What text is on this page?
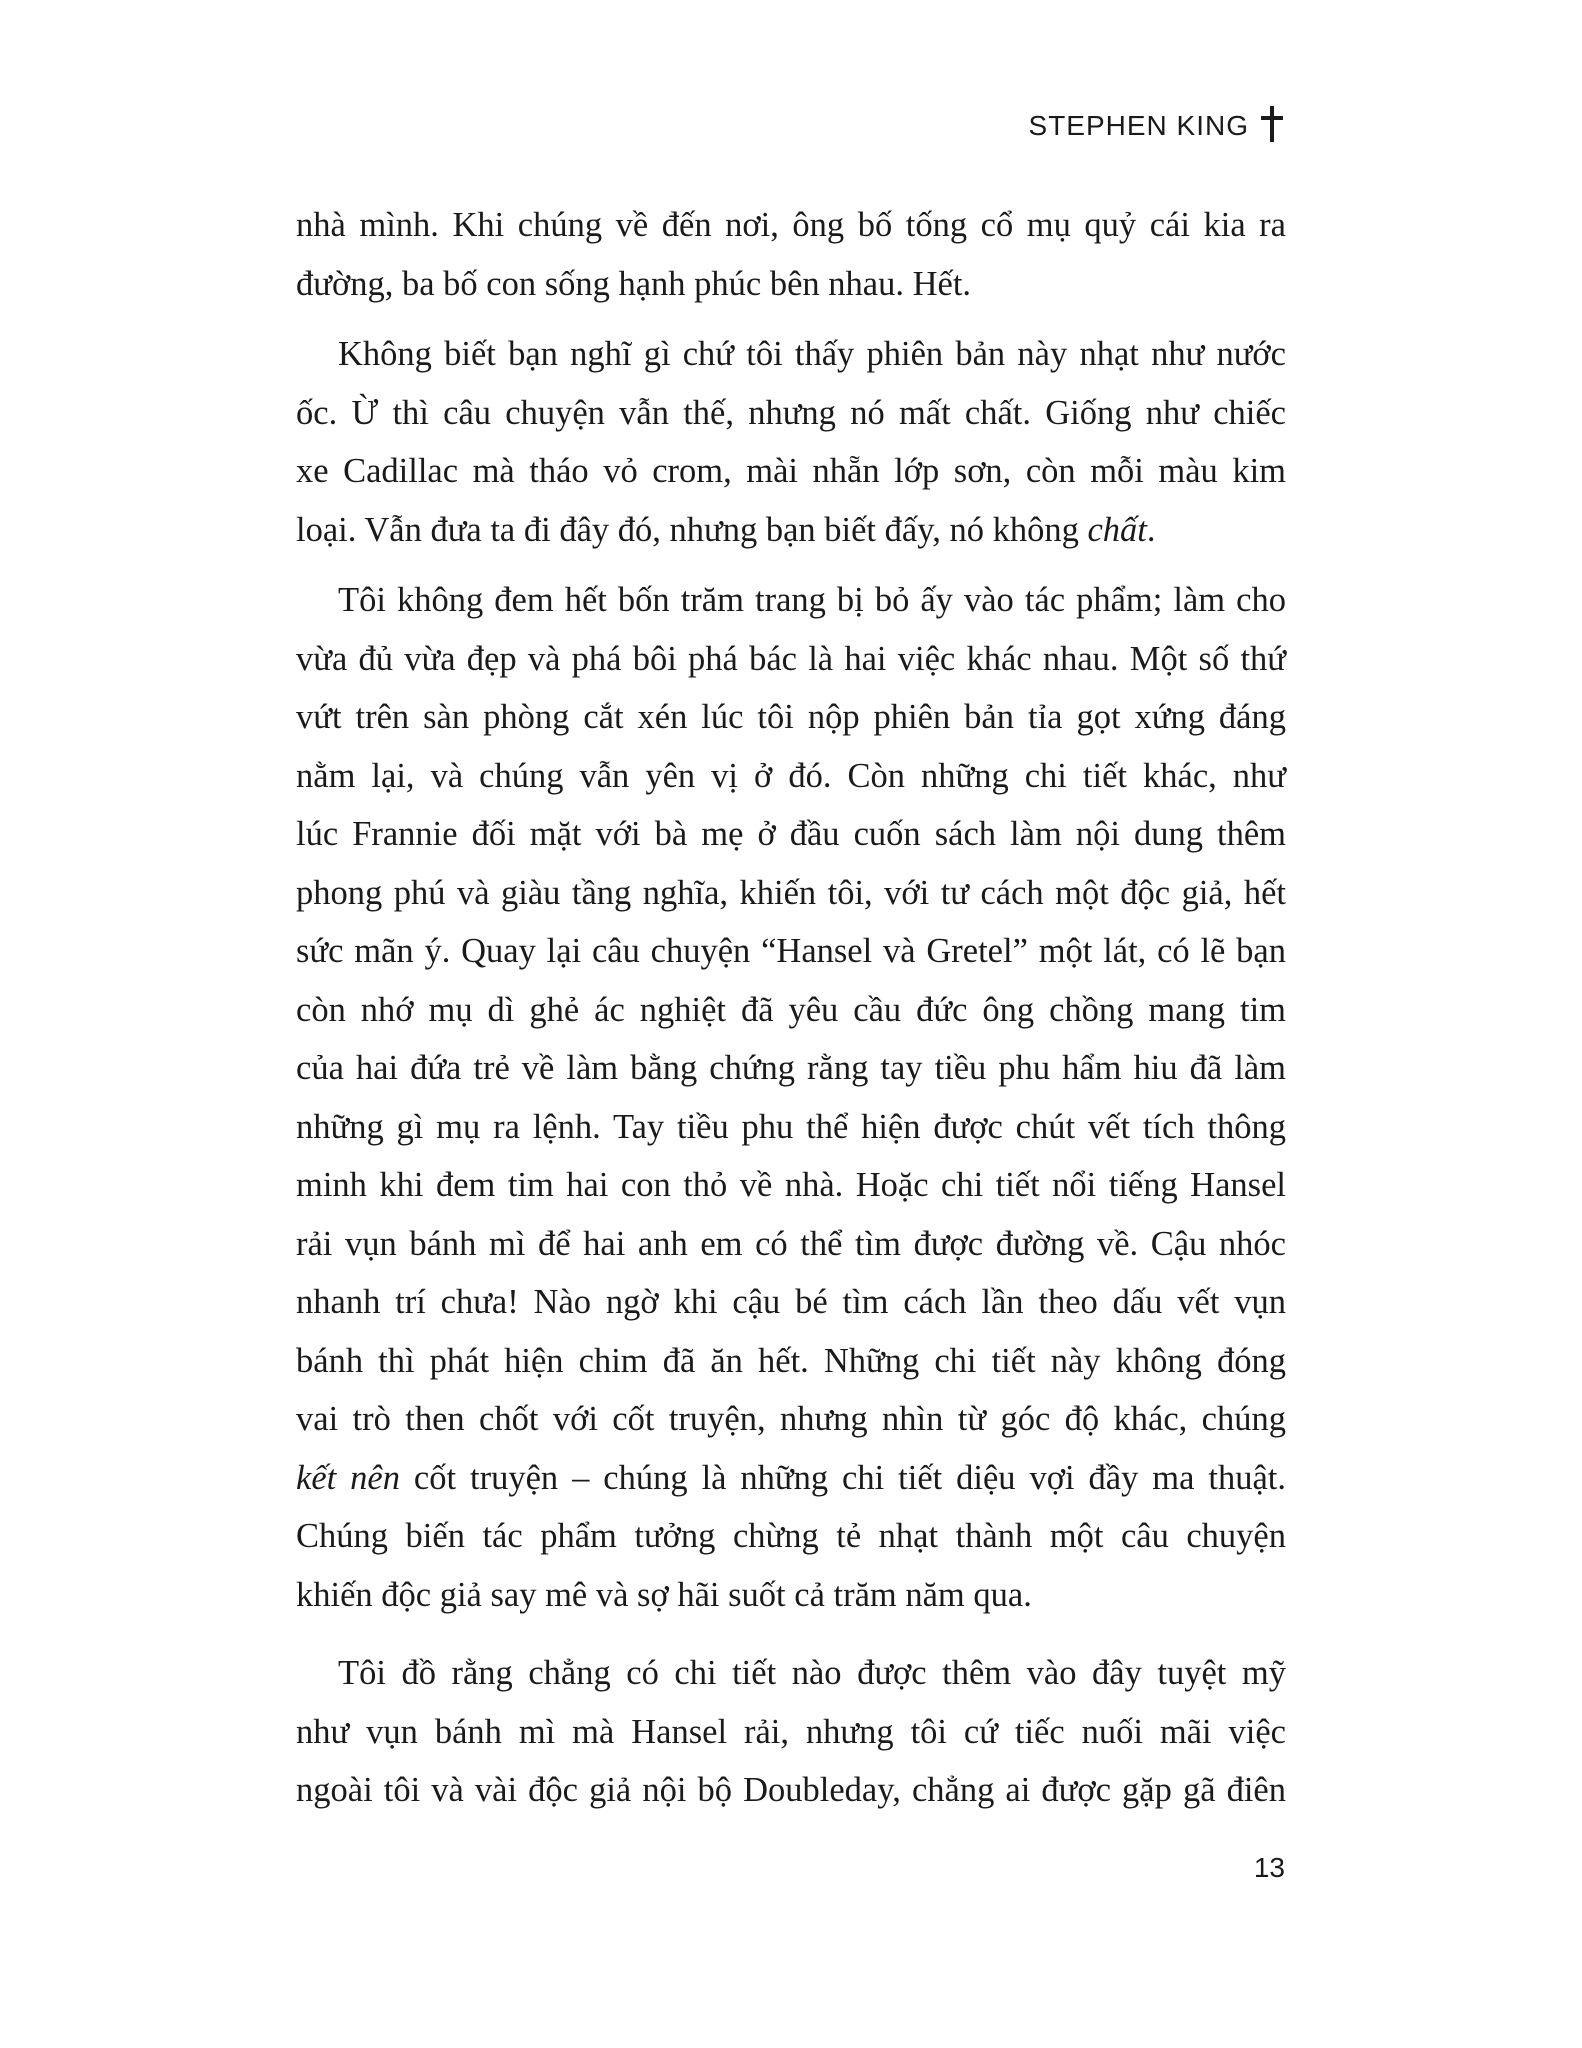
STEPHEN KING

nhà mình. Khi chúng về đến nơi, ông bố tống cổ mụ quỷ cái kia ra

đường, ba bố con sống hạnh phúc bên nhau. Hết.

Không biết bạn nghĩ gì chứ tôi thấy phiên bản này nhạt như nước

ốc. Ừ thì câu chuyện vẫn thế, nhưng nó mất chất. Giống như chiếc

xe Cadillac mà tháo vỏ crom, mài nhẵn lớp sơn, còn mỗi màu kim

loại. Vẫn đưa ta đi đây đó, nhưng bạn biết đấy, nó không chất.

Tôi không đem hết bốn trăm trang bị bỏ ấy vào tác phẩm; làm cho

vừa đủ vừa đẹp và phá bôi phá bác là hai việc khác nhau. Một số thứ

vứt trên sàn phòng cắt xén lúc tôi nộp phiên bản tỉa gọt xứng đáng

nằm lại, và chúng vẫn yên vị ở đó. Còn những chi tiết khác, như

lúc Frannie đối mặt với bà mẹ ở đầu cuốn sách làm nội dung thêm

phong phú và giàu tầng nghĩa, khiến tôi, với tư cách một độc giả, hết

sức mãn ý. Quay lại câu chuyện “Hansel và Gretel” một lát, có lẽ bạn

còn nhớ mụ dì ghẻ ác nghiệt đã yêu cầu đức ông chồng mang tim

của hai đứa trẻ về làm bằng chứng rằng tay tiều phu hẩm hiu đã làm

những gì mụ ra lệnh. Tay tiều phu thể hiện được chút vết tích thông

minh khi đem tim hai con thỏ về nhà. Hoặc chi tiết nổi tiếng Hansel

rải vụn bánh mì để hai anh em có thể tìm được đường về. Cậu nhóc

nhanh trí chưa! Nào ngờ khi cậu bé tìm cách lần theo dấu vết vụn

bánh thì phát hiện chim đã ăn hết. Những chi tiết này không đóng

vai trò then chốt với cốt truyện, nhưng nhìn từ góc độ khác, chúng

kết nên cốt truyện – chúng là những chi tiết diệu vợi đầy ma thuật.

Chúng biến tác phẩm tưởng chừng tẻ nhạt thành một câu chuyện

khiến độc giả say mê và sợ hãi suốt cả trăm năm qua.

Tôi đồ rằng chẳng có chi tiết nào được thêm vào đây tuyệt mỹ

như vụn bánh mì mà Hansel rải, nhưng tôi cứ tiếc nuối mãi việc

ngoài tôi và vài độc giả nội bộ Doubleday, chẳng ai được gặp gã điên

13
